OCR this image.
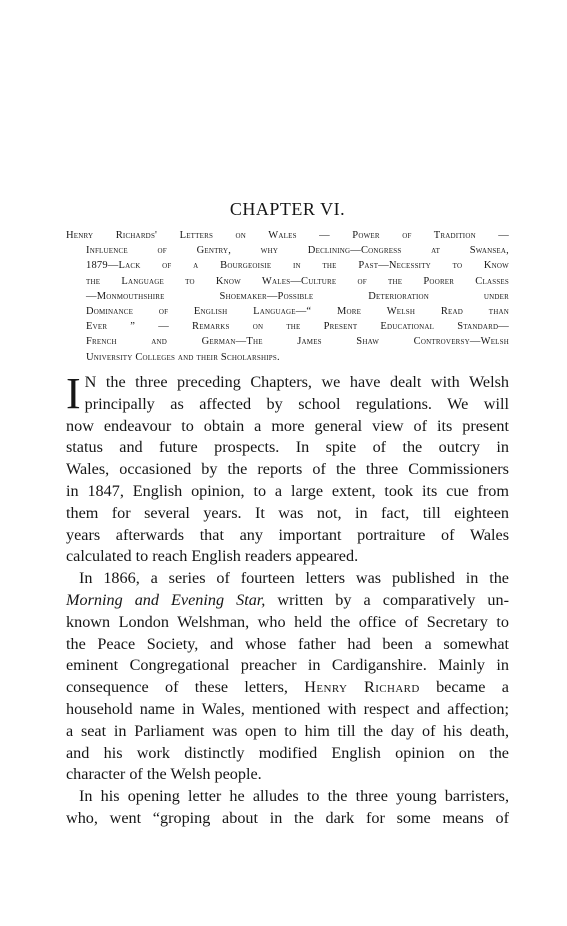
CHAPTER VI.
Henry Richards' Letters on Wales — Power of Tradition —
Influence of Gentry, why Declining—Congress at Swansea,
1879—Lack of a Bourgeoisie in the Past—Necessity to Know
the Language to Know Wales—Culture of the Poorer Classes
—Monmouthshire Shoemaker—Possible Deterioration under
Dominance of English Language—“ More Welsh Read than
Ever ” — Remarks on the Present Educational Standard—
French and German—The James Shaw Controversy—Welsh
University Colleges and their Scholarships.
I N the three preceding Chapters, we have dealt with Welsh
principally as affected by school regulations. We will
now endeavour to obtain a more general view of its present
status and future prospects. In spite of the outcry in
Wales, occasioned by the reports of the three Commissioners
in 1847, English opinion, to a large extent, took its cue from
them for several years. It was not, in fact, till eighteen
years afterwards that any important portraiture of Wales
calculated to reach English readers appeared.
In 1866, a series of fourteen letters was published in the
Morning and Evening Star, written by a comparatively un-
known London Welshman, who held the office of Secretary to
the Peace Society, and whose father had been a somewhat
eminent Congregational preacher in Cardiganshire. Mainly in
consequence of these letters, Henry Richard became a
household name in Wales, mentioned with respect and affection;
a seat in Parliament was open to him till the day of his death,
and his work distinctly modified English opinion on the
character of the Welsh people.
In his opening letter he alludes to the three young barristers,
who, went “groping about in the dark for some means of
